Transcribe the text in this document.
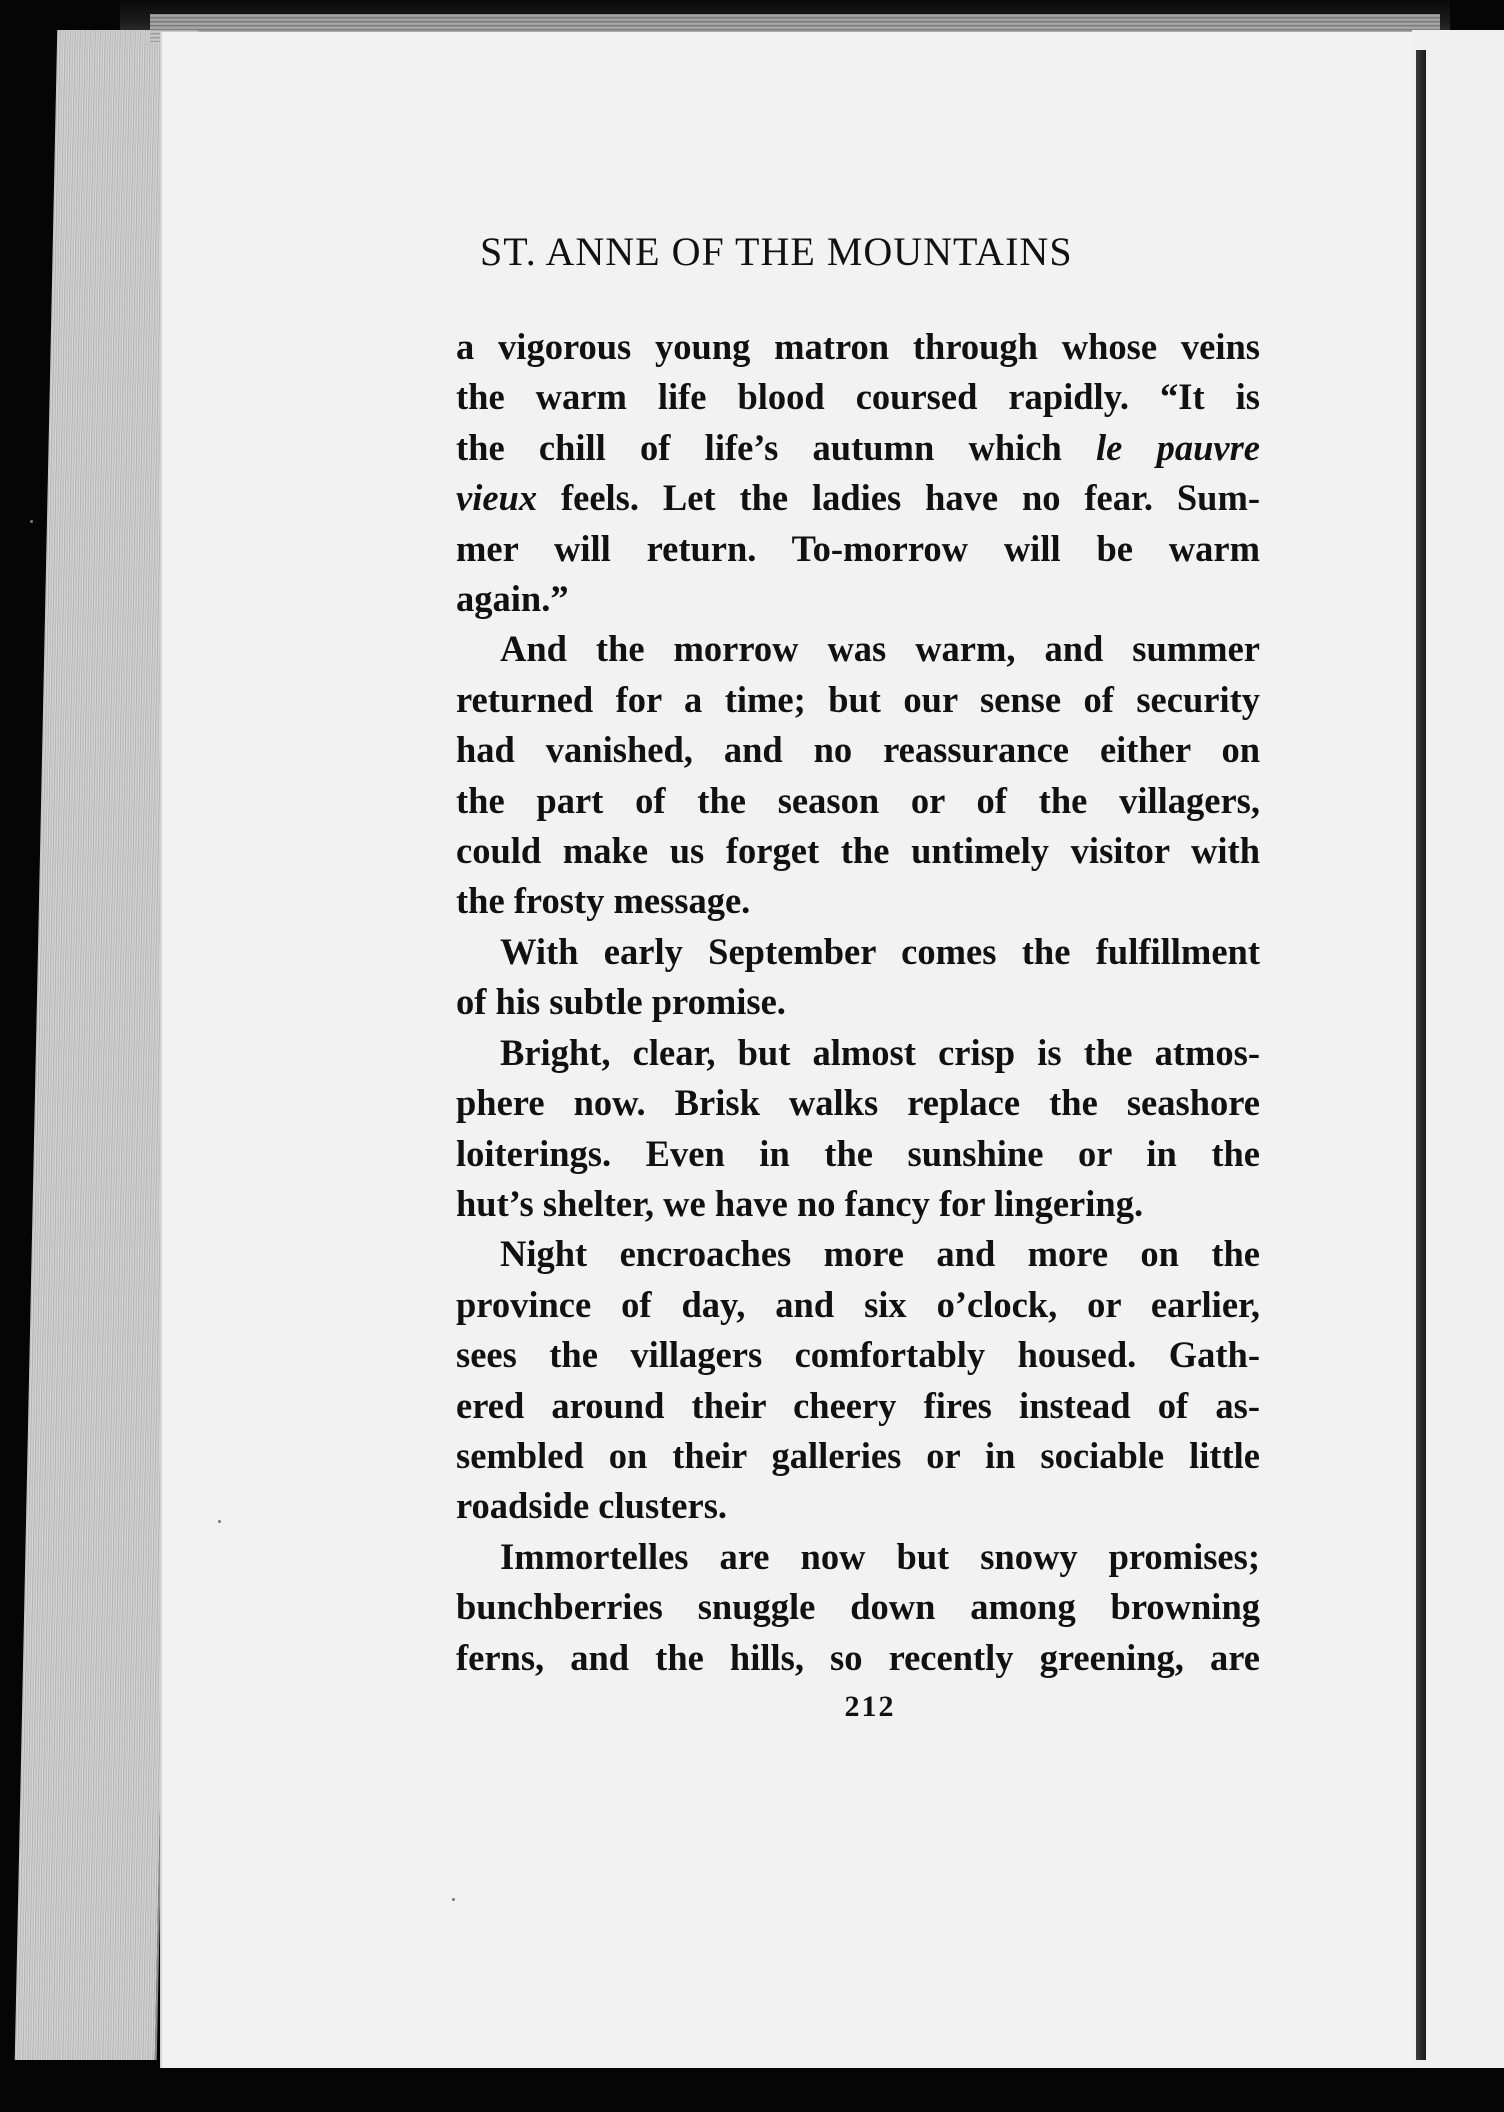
ST. ANNE OF THE MOUNTAINS
a vigorous young matron through whose veins
the warm life blood coursed rapidly. “It is
the chill of life’s autumn which le pauvre
vieux feels. Let the ladies have no fear. Sum-
mer will return. To-morrow will be warm
again.”
And the morrow was warm, and summer
returned for a time; but our sense of security
had vanished, and no reassurance either on
the part of the season or of the villagers,
could make us forget the untimely visitor with
the frosty message.
With early September comes the fulfillment
of his subtle promise.
Bright, clear, but almost crisp is the atmos-
phere now. Brisk walks replace the seashore
loiterings. Even in the sunshine or in the
hut’s shelter, we have no fancy for lingering.
Night encroaches more and more on the
province of day, and six o’clock, or earlier,
sees the villagers comfortably housed. Gath-
ered around their cheery fires instead of as-
sembled on their galleries or in sociable little
roadside clusters.
Immortelles are now but snowy promises;
bunchberries snuggle down among browning
ferns, and the hills, so recently greening, are
212
